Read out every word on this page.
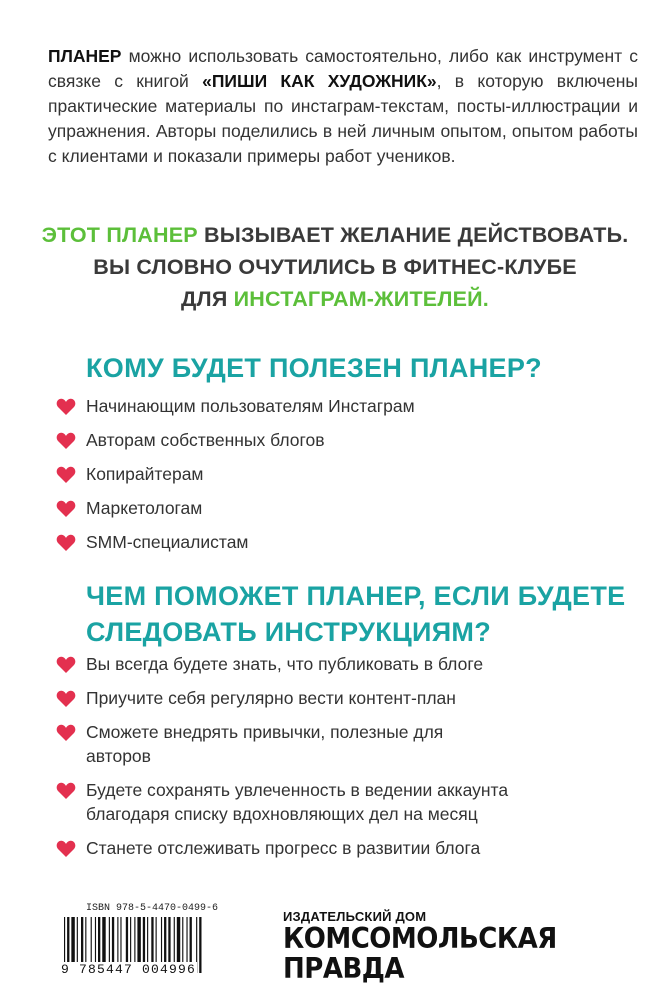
ПЛАНЕР можно использовать самостоятельно, либо как инструмент с связке с книгой «ПИШИ КАК ХУДОЖНИК», в которую включены практические материалы по инстаграм-текстам, посты-иллюстрации и упражнения. Авторы поделились в ней личным опытом, опытом работы с клиентами и показали примеры работ учеников.
ЭТОТ ПЛАНЕР ВЫЗЫВАЕТ ЖЕЛАНИЕ ДЕЙСТВОВАТЬ.
ВЫ СЛОВНО ОЧУТИЛИСЬ В ФИТНЕС-КЛУБЕ
ДЛЯ ИНСТАГРАМ-ЖИТЕЛЕЙ.
КОМУ БУДЕТ ПОЛЕЗЕН ПЛАНЕР?
Начинающим пользователям Инстаграм
Авторам собственных блогов
Копирайтерам
Маркетологам
SMM-специалистам
ЧЕМ ПОМОЖЕТ ПЛАНЕР, ЕСЛИ БУДЕТЕ
СЛЕДОВАТЬ ИНСТРУКЦИЯМ?
Вы всегда будете знать, что публиковать в блоге
Приучите себя регулярно вести контент-план
Сможете внедрять привычки, полезные для
авторов
Будете сохранять увлеченность в ведении аккаунта
благодаря списку вдохновляющих дел на месяц
Станете отслеживать прогресс в развитии блога
ISBN 978-5-4470-0499-6
9 785447 004996
ИЗДАТЕЛЬСКИЙ ДОМ
КОМСОМОЛЬСКАЯ
ПРАВДА
